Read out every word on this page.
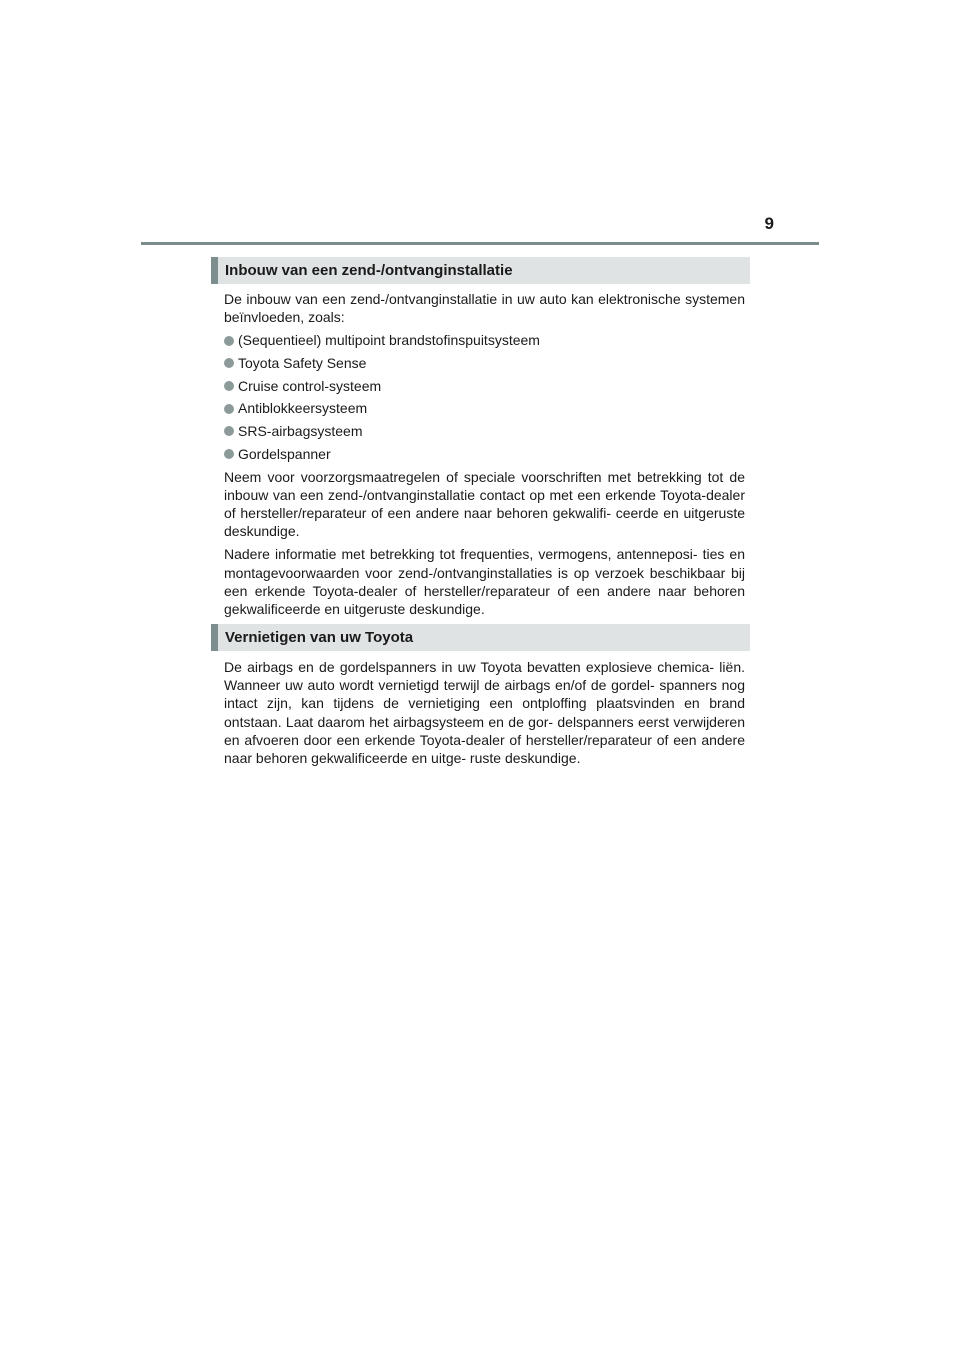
9
Inbouw van een zend-/ontvanginstallatie

De inbouw van een zend-/ontvanginstallatie in uw auto kan elektronische systemen beïnvloeden, zoals:

(Sequentieel) multipoint brandstofinspuitsysteem
Toyota Safety Sense
Cruise control-systeem
Antiblokkeersysteem
SRS-airbagsysteem
Gordelspanner

Neem voor voorzorgsmaatregelen of speciale voorschriften met betrekking tot de inbouw van een zend-/ontvanginstallatie contact op met een erkende Toyota-dealer of hersteller/reparateur of een andere naar behoren gekwalifi- ceerde en uitgeruste deskundige.

Nadere informatie met betrekking tot frequenties, vermogens, antenneposi- ties en montagevoorwaarden voor zend-/ontvanginstallaties is op verzoek beschikbaar bij een erkende Toyota-dealer of hersteller/reparateur of een andere naar behoren gekwalificeerde en uitgeruste deskundige.

Vernietigen van uw Toyota

De airbags en de gordelspanners in uw Toyota bevatten explosieve chemica- liën. Wanneer uw auto wordt vernietigd terwijl de airbags en/of de gordel- spanners nog intact zijn, kan tijdens de vernietiging een ontploffing plaatsvinden en brand ontstaan. Laat daarom het airbagsysteem en de gor- delspanners eerst verwijderen en afvoeren door een erkende Toyota-dealer of hersteller/reparateur of een andere naar behoren gekwalificeerde en uitge- ruste deskundige.
